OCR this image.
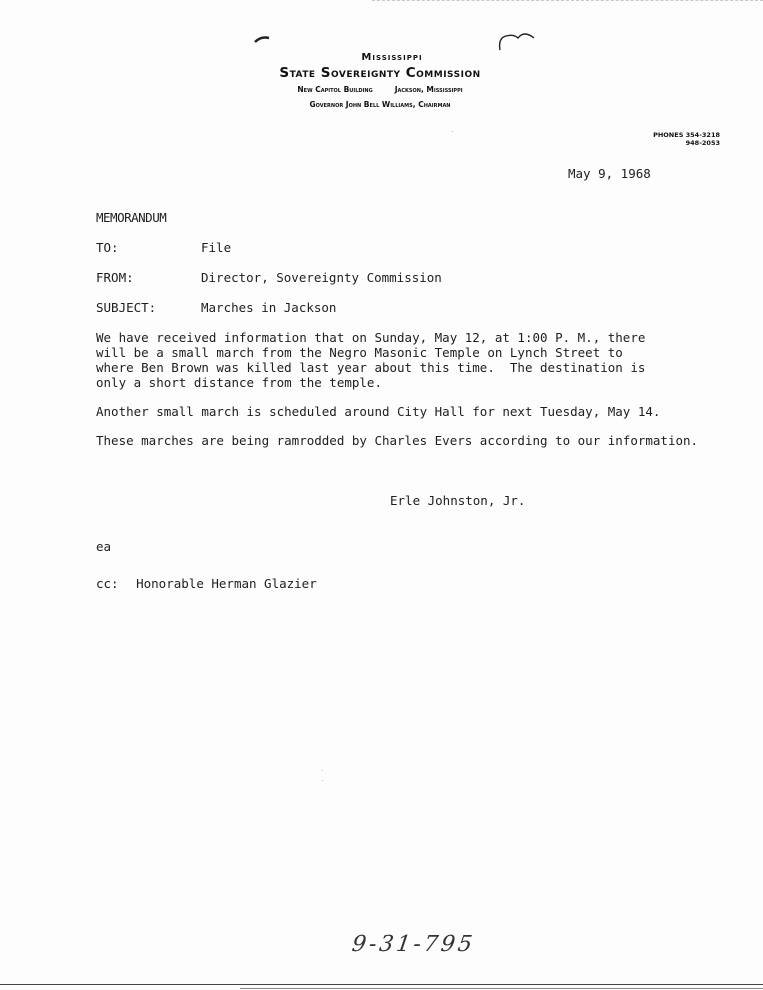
Mississippi
State Sovereignty Commission
New Capitol Building	Jackson, Mississippi
Governor John Bell Williams, Chairman
PHONES 354-3218
948-2053
May 9, 1968
MEMORANDUM
TO:	File
FROM:	Director, Sovereignty Commission
SUBJECT:	Marches in Jackson
We have received information that on Sunday, May 12, at 1:00 P. M., there
will be a small march from the Negro Masonic Temple on Lynch Street to
where Ben Brown was killed last year about this time.  The destination is
only a short distance from the temple.
Another small march is scheduled around City Hall for next Tuesday, May 14.
These marches are being ramrodded by Charles Evers according to our information.
Erle Johnston, Jr.
ea
cc: Honorable Herman Glazier
9-31-795
